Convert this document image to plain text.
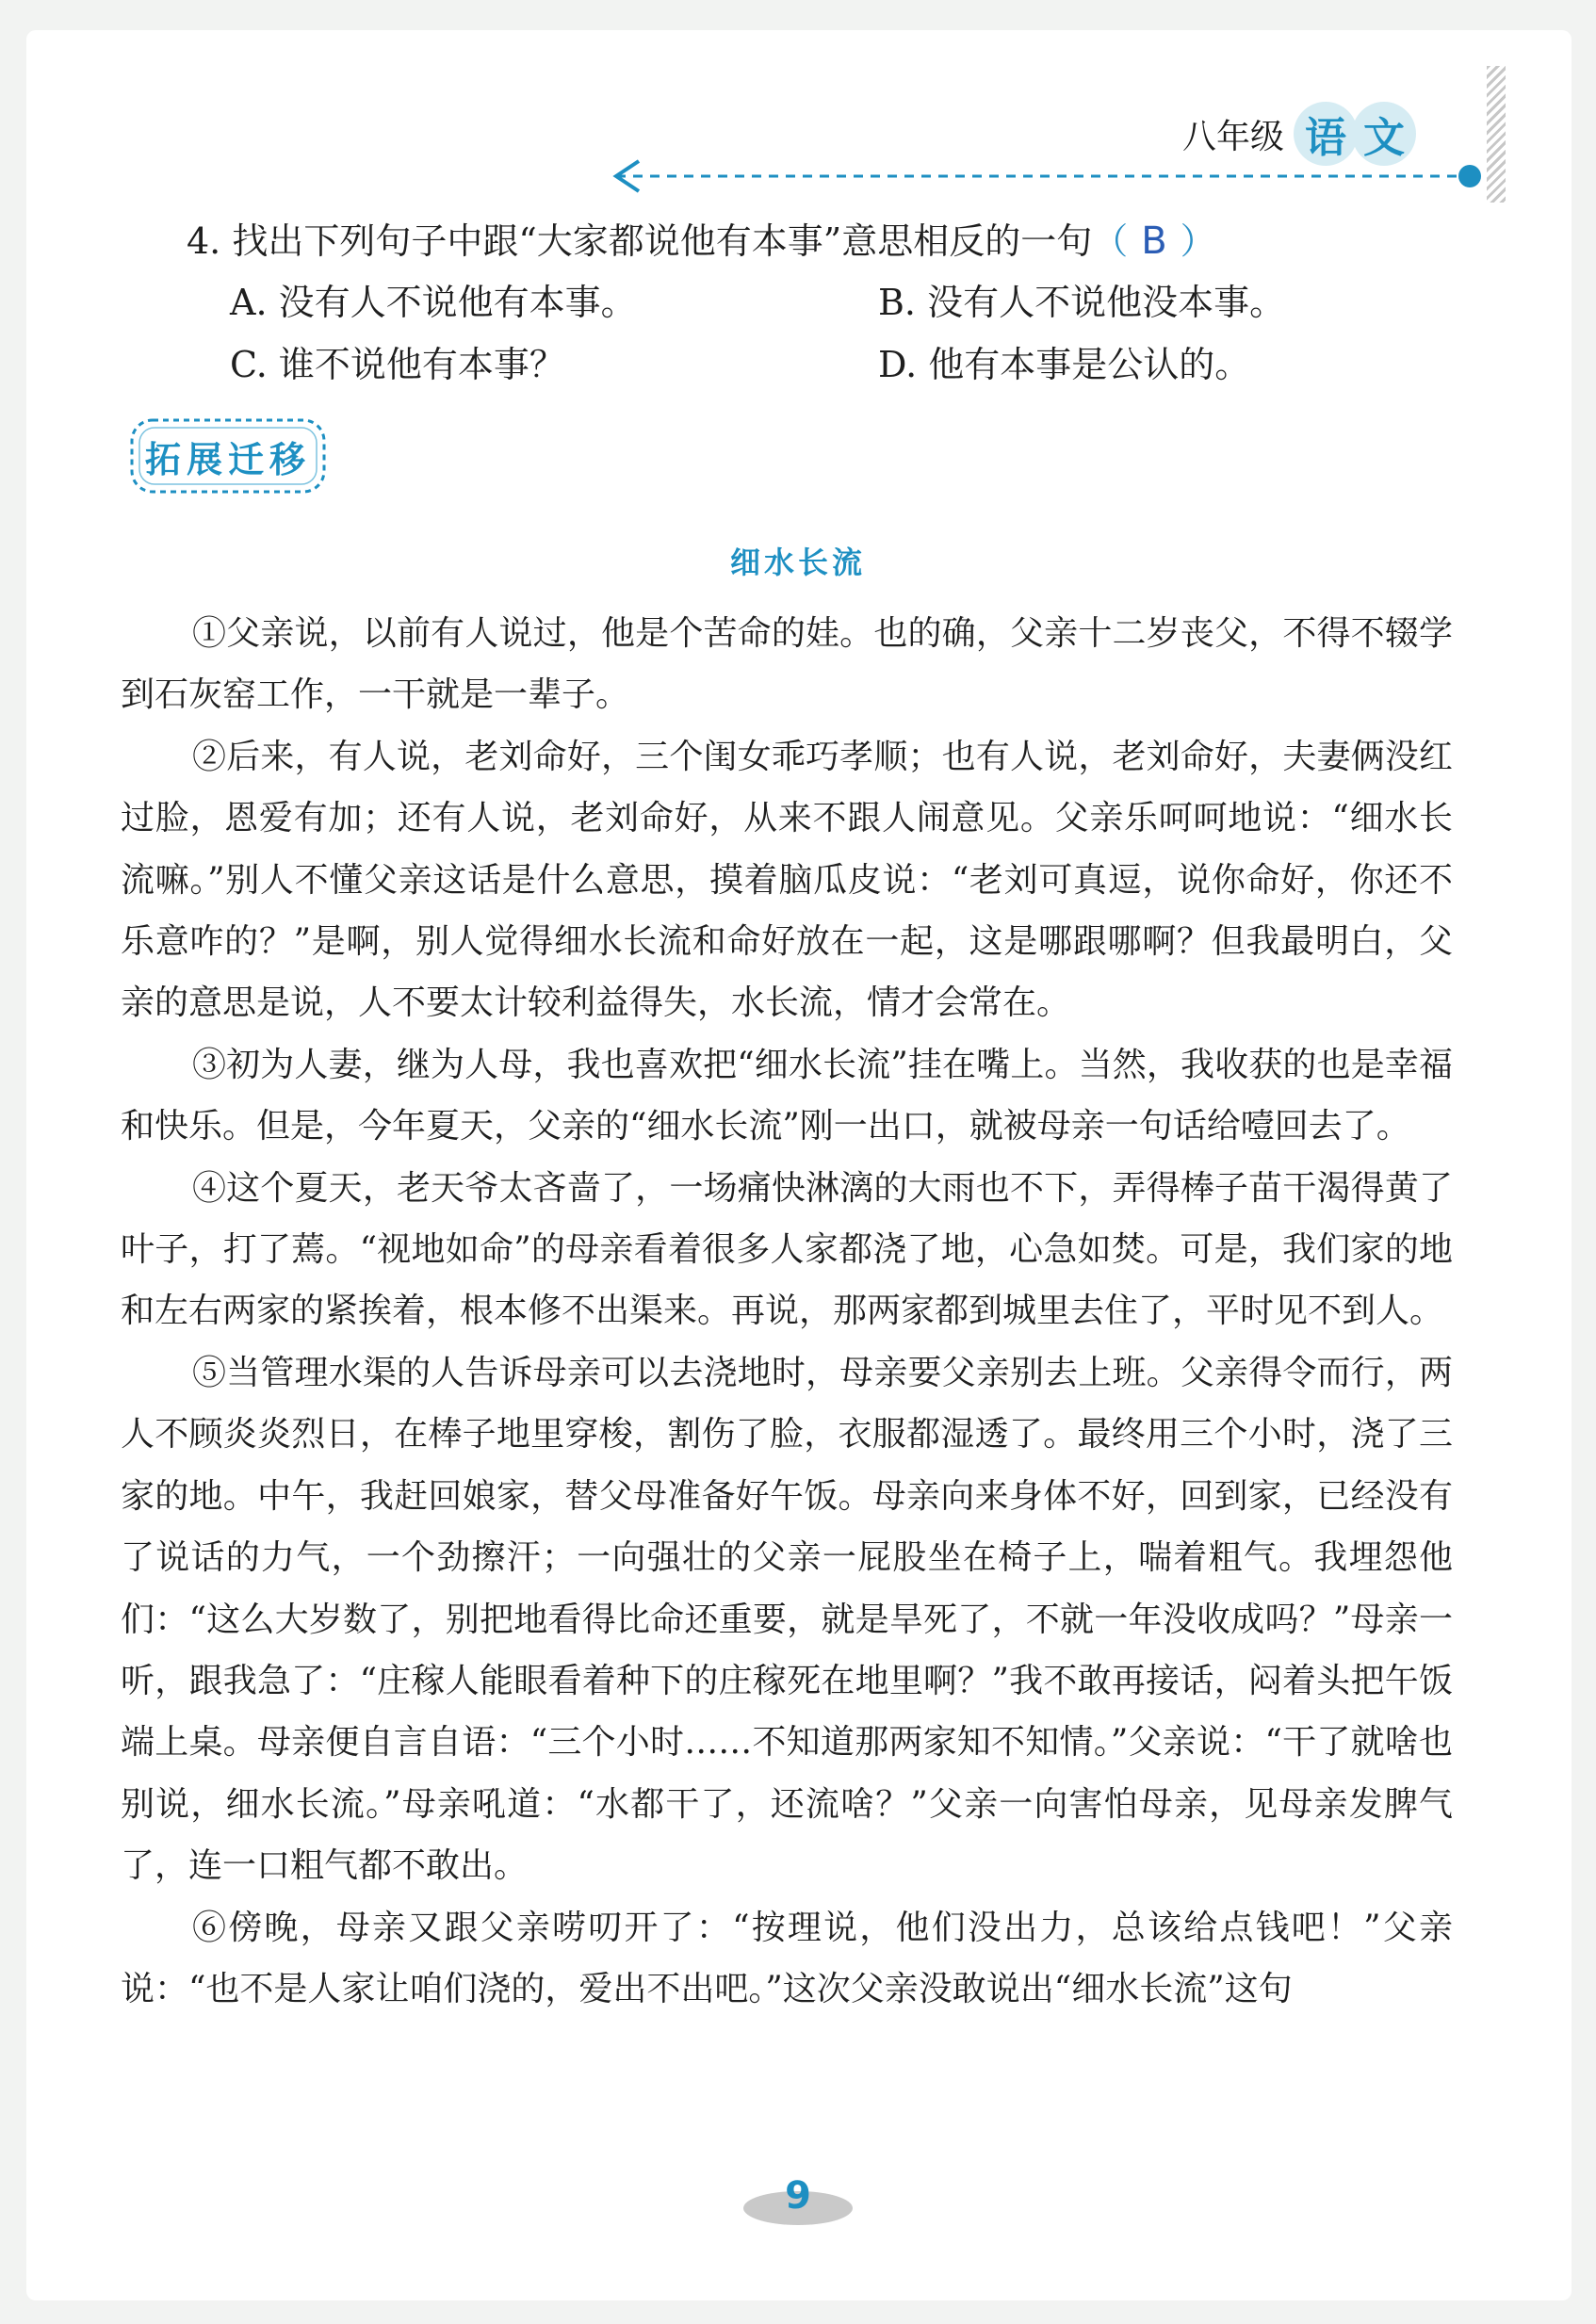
八年级 语 文
4. 找出下列句子中跟“大家都说他有本事”意思相反的一句（ B ）
A. 没有人不说他有本事。	B. 没有人不说他没本事。
C. 谁不说他有本事？	D. 他有本事是公认的。
拓展迁移
细水长流

①父亲说，以前有人说过，他是个苦命的娃。也的确，父亲十二岁丧父，不得不辍学到石灰窑工作，一干就是一辈子。

②后来，有人说，老刘命好，三个闺女乖巧孝顺；也有人说，老刘命好，夫妻俩没红过脸，恩爱有加；还有人说，老刘命好，从来不跟人闹意见。父亲乐呵呵地说：“细水长流嘛。”别人不懂父亲这话是什么意思，摸着脑瓜皮说：“老刘可真逗，说你命好，你还不乐意咋的？”是啊，别人觉得细水长流和命好放在一起，这是哪跟哪啊？但我最明白，父亲的意思是说，人不要太计较利益得失，水长流，情才会常在。

③初为人妻，继为人母，我也喜欢把“细水长流”挂在嘴上。当然，我收获的也是幸福和快乐。但是，今年夏天，父亲的“细水长流”刚一出口，就被母亲一句话给噎回去了。

④这个夏天，老天爷太吝啬了，一场痛快淋漓的大雨也不下，弄得棒子苗干渴得黄了叶子，打了蔫。“视地如命”的母亲看着很多人家都浇了地，心急如焚。可是，我们家的地和左右两家的紧挨着，根本修不出渠来。再说，那两家都到城里去住了，平时见不到人。

⑤当管理水渠的人告诉母亲可以去浇地时，母亲要父亲别去上班。父亲得令而行，两人不顾炎炎烈日，在棒子地里穿梭，割伤了脸，衣服都湿透了。最终用三个小时，浇了三家的地。中午，我赶回娘家，替父母准备好午饭。母亲向来身体不好，回到家，已经没有了说话的力气，一个劲擦汗；一向强壮的父亲一屁股坐在椅子上，喘着粗气。我埋怨他们：“这么大岁数了，别把地看得比命还重要，就是旱死了，不就一年没收成吗？”母亲一听，跟我急了：“庄稼人能眼看着种下的庄稼死在地里啊？”我不敢再接话，闷着头把午饭端上桌。母亲便自言自语：“三个小时……不知道那两家知不知情。”父亲说：“干了就啥也别说，细水长流。”母亲吼道：“水都干了，还流啥？”父亲一向害怕母亲，见母亲发脾气了，连一口粗气都不敢出。

⑥傍晚，母亲又跟父亲唠叨开了：“按理说，他们没出力，总该给点钱吧！”父亲说：“也不是人家让咱们浇的，爱出不出吧。”这次父亲没敢说出“细水长流”这句

9
